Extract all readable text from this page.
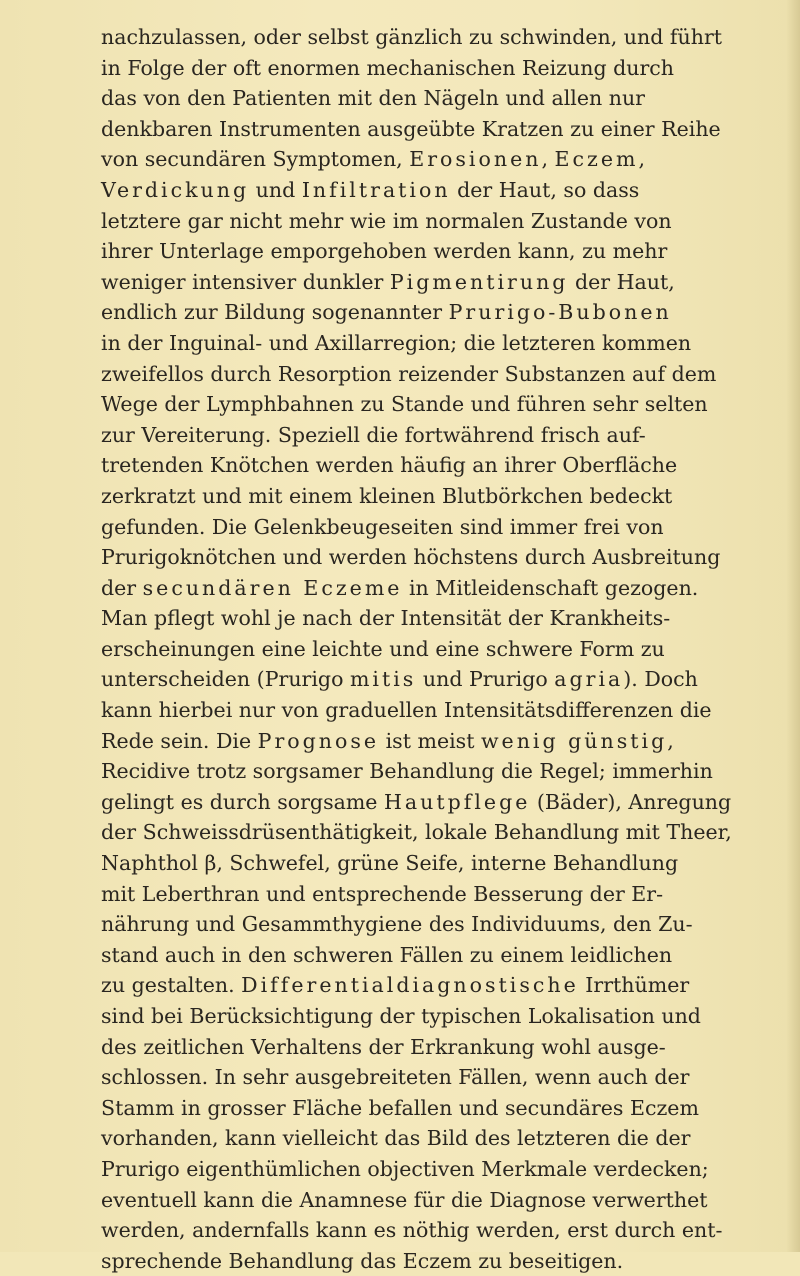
nachzulassen, oder selbst gänzlich zu schwinden, und führt
in Folge der oft enormen mechanischen Reizung durch
das von den Patienten mit den Nägeln und allen nur
denkbaren Instrumenten ausgeübte Kratzen zu einer Reihe
von secundären Symptomen, Erosionen, Eczem,
Verdickung und Infiltration der Haut, so dass
letztere gar nicht mehr wie im normalen Zustande von
ihrer Unterlage emporgehoben werden kann, zu mehr
weniger intensiver dunkler Pigmentirung der Haut,
endlich zur Bildung sogenannter Prurigo-Bubonen
in der Inguinal- und Axillarregion; die letzteren kommen
zweifellos durch Resorption reizender Substanzen auf dem
Wege der Lymphbahnen zu Stande und führen sehr selten
zur Vereiterung. Speziell die fortwährend frisch auf-
tretenden Knötchen werden häufig an ihrer Oberfläche
zerkratzt und mit einem kleinen Blutbörkchen bedeckt
gefunden. Die Gelenkbeugeseiten sind immer frei von
Prurigoknötchen und werden höchstens durch Ausbreitung
der secundären Eczeme in Mitleidenschaft gezogen.
Man pflegt wohl je nach der Intensität der Krankheits-
erscheinungen eine leichte und eine schwere Form zu
unterscheiden (Prurigo mitis und Prurigo agria). Doch
kann hierbei nur von graduellen Intensitätsdifferenzen die
Rede sein. Die Prognose ist meist wenig günstig,
Recidive trotz sorgsamer Behandlung die Regel; immerhin
gelingt es durch sorgsame Hautpflege (Bäder), Anregung
der Schweissdrüsenthätigkeit, lokale Behandlung mit Theer,
Naphthol β, Schwefel, grüne Seife, interne Behandlung
mit Leberthran und entsprechende Besserung der Er-
nährung und Gesammthygiene des Individuums, den Zu-
stand auch in den schweren Fällen zu einem leidlichen
zu gestalten. Differentialdiagnostische Irrthümer
sind bei Berücksichtigung der typischen Lokalisation und
des zeitlichen Verhaltens der Erkrankung wohl ausge-
schlossen. In sehr ausgebreiteten Fällen, wenn auch der
Stamm in grosser Fläche befallen und secundäres Eczem
vorhanden, kann vielleicht das Bild des letzteren die der
Prurigo eigenthümlichen objectiven Merkmale verdecken;
eventuell kann die Anamnese für die Diagnose verwerthet
werden, andernfalls kann es nöthig werden, erst durch ent-
sprechende Behandlung das Eczem zu beseitigen.
